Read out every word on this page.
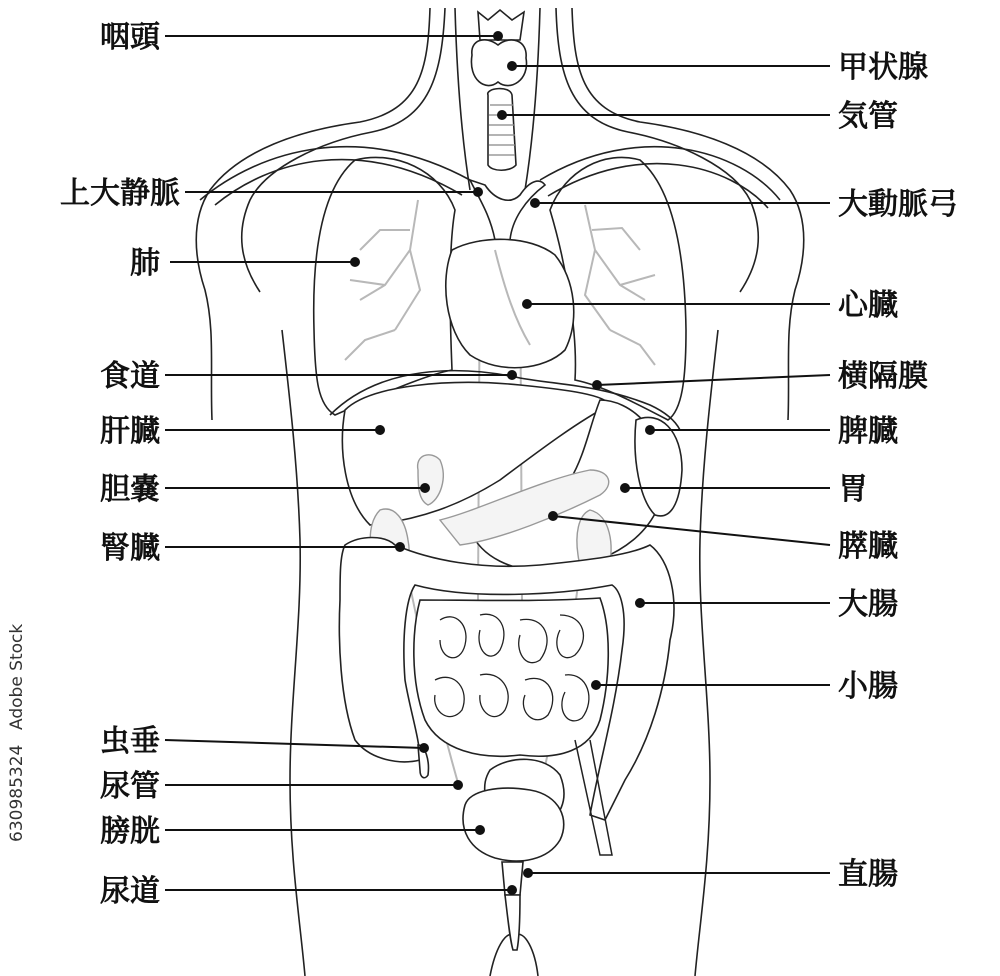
咽頭
上大静脈
肺
食道
肝臓
胆嚢
腎臓
虫垂
尿管
膀胱
尿道
甲状腺
気管
大動脈弓
心臓
横隔膜
脾臓
胃
膵臓
大腸
小腸
直腸
630985324
Adobe Stock
